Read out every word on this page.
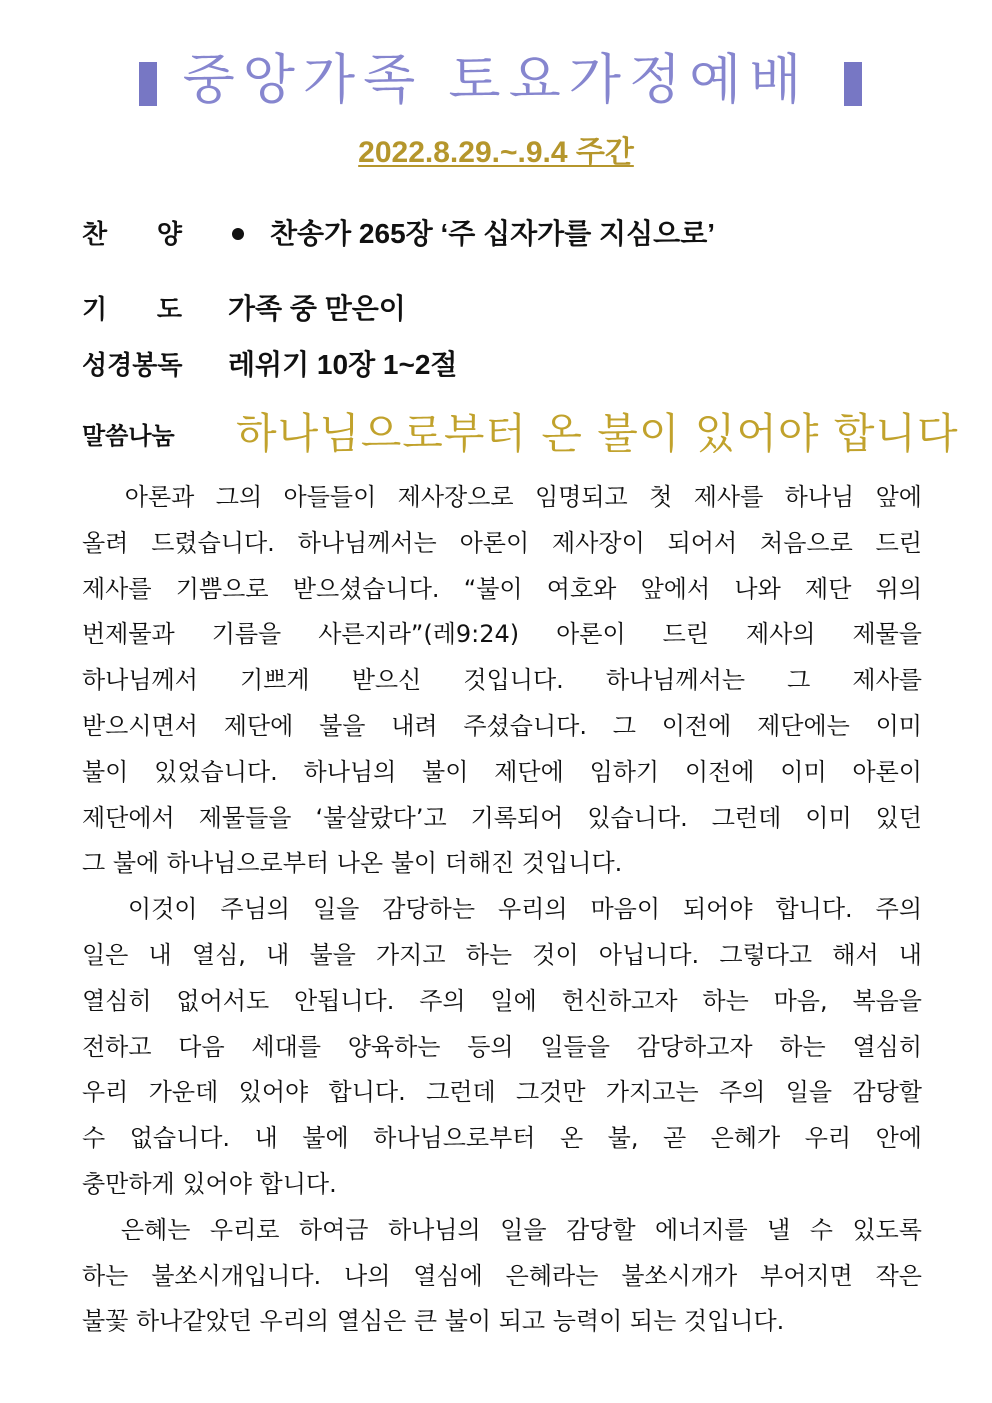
중앙가족 토요가정예배
2022.8.29.~.9.4 주간
찬 양	찬송가 265장 ‘주 십자가를 지심으로’
기 도 가족 중 맏은이
성경봉독 레위기 10장 1~2절
말씀나눔 하나님으로부터 온 불이 있어야 합니다
아론과 그의 아들들이 제사장으로 임명되고 첫 제사를 하나님 앞에
올려 드렸습니다. 하나님께서는 아론이 제사장이 되어서 처음으로 드린
제사를 기쁨으로 받으셨습니다. “불이 여호와 앞에서 나와 제단 위의
번제물과 기름을 사른지라”(레9:24) 아론이 드린 제사의 제물을
하나님께서 기쁘게 받으신 것입니다. 하나님께서는 그 제사를
받으시면서 제단에 불을 내려 주셨습니다. 그 이전에 제단에는 이미
불이 있었습니다. 하나님의 불이 제단에 임하기 이전에 이미 아론이
제단에서 제물들을 ‘불살랐다’고 기록되어 있습니다. 그런데 이미 있던
그 불에 하나님으로부터 나온 불이 더해진 것입니다.
이것이 주님의 일을 감당하는 우리의 마음이 되어야 합니다. 주의
일은 내 열심, 내 불을 가지고 하는 것이 아닙니다. 그렇다고 해서 내
열심히 없어서도 안됩니다. 주의 일에 헌신하고자 하는 마음, 복음을
전하고 다음 세대를 양육하는 등의 일들을 감당하고자 하는 열심히
우리 가운데 있어야 합니다. 그런데 그것만 가지고는 주의 일을 감당할
수 없습니다. 내 불에 하나님으로부터 온 불, 곧 은혜가 우리 안에
충만하게 있어야 합니다.
은혜는 우리로 하여금 하나님의 일을 감당할 에너지를 낼 수 있도록
하는 불쏘시개입니다. 나의 열심에 은혜라는 불쏘시개가 부어지면 작은
불꽃 하나같았던 우리의 열심은 큰 불이 되고 능력이 되는 것입니다.
